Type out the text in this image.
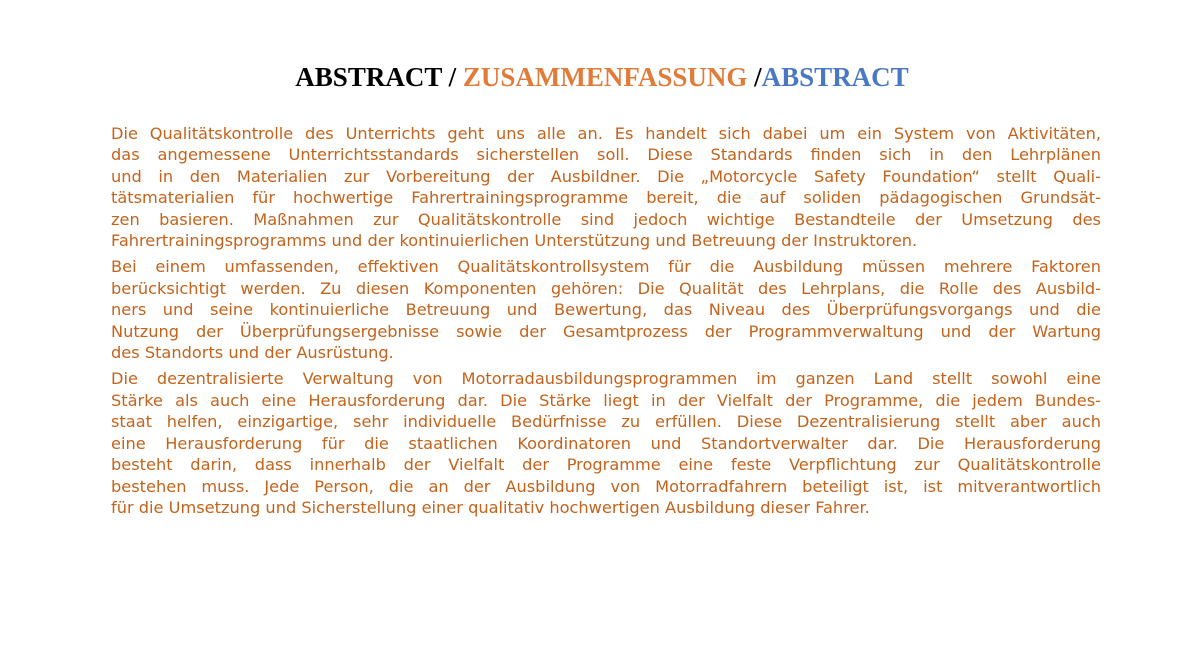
ABSTRACT / ZUSAMMENFASSUNG /ABSTRACT
Die Qualitätskontrolle des Unterrichts geht uns alle an. Es handelt sich dabei um ein System von Aktivitäten,
das angemessene Unterrichtsstandards sicherstellen soll. Diese Standards finden sich in den Lehrplänen
und in den Materialien zur Vorbereitung der Ausbildner. Die „Motorcycle Safety Foundation“ stellt Quali-
tätsmaterialien für hochwertige Fahrertrainingsprogramme bereit, die auf soliden pädagogischen Grundsät-
zen basieren. Maßnahmen zur Qualitätskontrolle sind jedoch wichtige Bestandteile der Umsetzung des
Fahrertrainingsprogramms und der kontinuierlichen Unterstützung und Betreuung der Instruktoren.
Bei einem umfassenden, effektiven Qualitätskontrollsystem für die Ausbildung müssen mehrere Faktoren
berücksichtigt werden. Zu diesen Komponenten gehören: Die Qualität des Lehrplans, die Rolle des Ausbild-
ners und seine kontinuierliche Betreuung und Bewertung, das Niveau des Überprüfungsvorgangs und die
Nutzung der Überprüfungsergebnisse sowie der Gesamtprozess der Programmverwaltung und der Wartung
des Standorts und der Ausrüstung.
Die dezentralisierte Verwaltung von Motorradausbildungsprogrammen im ganzen Land stellt sowohl eine
Stärke als auch eine Herausforderung dar. Die Stärke liegt in der Vielfalt der Programme, die jedem Bundes-
staat helfen, einzigartige, sehr individuelle Bedürfnisse zu erfüllen. Diese Dezentralisierung stellt aber auch
eine Herausforderung für die staatlichen Koordinatoren und Standortverwalter dar. Die Herausforderung
besteht darin, dass innerhalb der Vielfalt der Programme eine feste Verpflichtung zur Qualitätskontrolle
bestehen muss. Jede Person, die an der Ausbildung von Motorradfahrern beteiligt ist, ist mitverantwortlich
für die Umsetzung und Sicherstellung einer qualitativ hochwertigen Ausbildung dieser Fahrer.
